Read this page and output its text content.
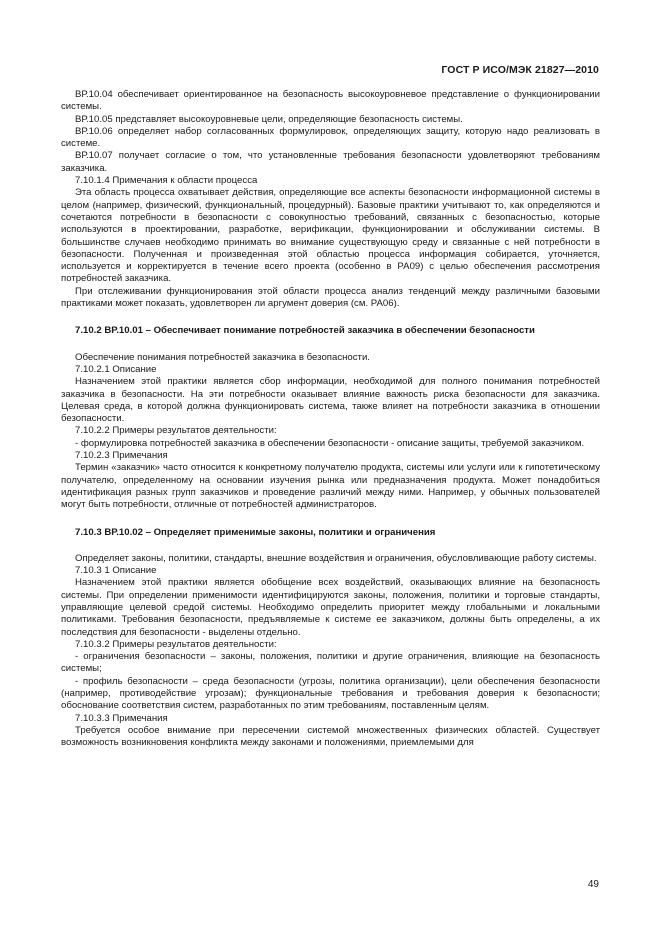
ГОСТ Р ИСО/МЭК 21827—2010

ВР.10.04 обеспечивает ориентированное на безопасность высокоуровневое представление о функционировании системы.

ВР.10.05 представляет высокоуровневые цели, определяющие безопасность системы.

ВР.10.06 определяет набор согласованных формулировок, определяющих защиту, которую надо реализовать в системе.

ВР.10.07 получает согласие о том, что установленные требования безопасности удовлетворяют требованиям заказчика.

7.10.1.4 Примечания к области процесса

Эта область процесса охватывает действия, определяющие все аспекты безопасности информационной системы в целом (например, физический, функциональный, процедурный). Базовые практики учитывают то, как определяются и сочетаются потребности в безопасности с совокупностью требований, связанных с безопасностью, которые используются в проектировании, разработке, верификации, функционировании и обслуживании системы. В большинстве случаев необходимо принимать во внимание существующую среду и связанные с ней потребности в безопасности. Полученная и произведенная этой областью процесса информация собирается, уточняется, используется и корректируется в течение всего проекта (особенно в РА09) с целью обеспечения рассмотрения потребностей заказчика.

При отслеживании функционирования этой области процесса анализ тенденций между различными базовыми практиками может показать, удовлетворен ли аргумент доверия (см. РА06).

7.10.2 ВР.10.01 – Обеспечивает понимание потребностей заказчика в обеспечении безопасности

Обеспечение понимания потребностей заказчика в безопасности.

7.10.2.1 Описание

Назначением этой практики является сбор информации, необходимой для полного понимания потребностей заказчика в безопасности. На эти потребности оказывает влияние важность риска безопасности для заказчика. Целевая среда, в которой должна функционировать система, также влияет на потребности заказчика в отношении безопасности.

7.10.2.2 Примеры результатов деятельности:

- формулировка потребностей заказчика в обеспечении безопасности - описание защиты, требуемой заказчиком.

7.10.2.3 Примечания

Термин «заказчик» часто относится к конкретному получателю продукта, системы или услуги или к гипотетическому получателю, определенному на основании изучения рынка или предназначения продукта. Может понадобиться идентификация разных групп заказчиков и проведение различий между ними. Например, у обычных пользователей могут быть потребности, отличные от потребностей администраторов.

7.10.3 ВР.10.02 – Определяет применимые законы, политики и ограничения

Определяет законы, политики, стандарты, внешние воздействия и ограничения, обусловливающие работу системы.

7.10.3 1 Описание

Назначением этой практики является обобщение всех воздействий, оказывающих влияние на безопасность системы. При определении применимости идентифицируются законы, положения, политики и торговые стандарты, управляющие целевой средой системы. Необходимо определить приоритет между глобальными и локальными политиками. Требования безопасности, предъявляемые к системе ее заказчиком, должны быть определены, а их последствия для безопасности - выделены отдельно.

7.10.3.2 Примеры результатов деятельности:

- ограничения безопасности – законы, положения, политики и другие ограничения, влияющие на безопасность системы;

- профиль безопасности – среда безопасности (угрозы, политика организации), цели обеспечения безопасности (например, противодействие угрозам); функциональные требования и требования доверия к безопасности; обоснование соответствия систем, разработанных по этим требованиям, поставленным целям.

7.10.3.3 Примечания

Требуется особое внимание при пересечении системой множественных физических областей. Существует возможность возникновения конфликта между законами и положениями, приемлемыми для

49
